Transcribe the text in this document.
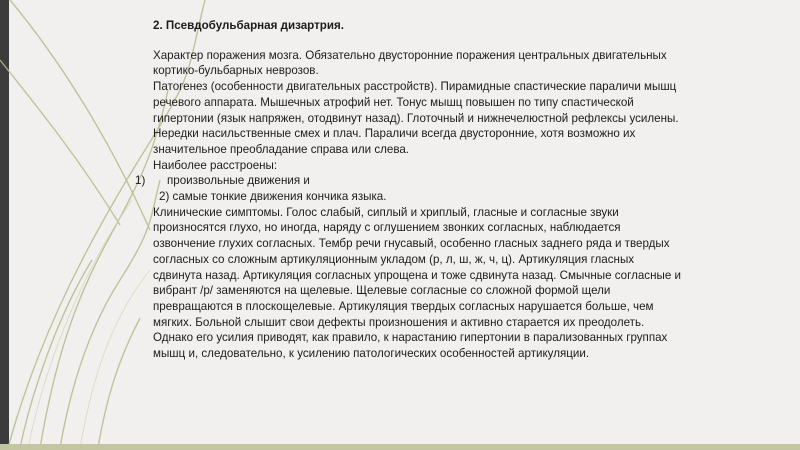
2. Псевдобульбарная дизартрия.

Характер поражения мозга. Обязательно двусторонние поражения центральных двигательных

кортико-бульбарных неврозов.

Патогенез (особенности двигательных расстройств). Пирамидные спастические параличи мышц

речевого аппарата. Мышечных атрофий нет. Тонус мышц повышен по типу спастической

гипертонии (язык напряжен, отодвинут назад). Глоточный и нижнечелюстной рефлексы усилены.

Нередки насильственные смех и плач. Параличи всегда двусторонние, хотя возможно их

значительное преобладание справа или слева.

Наиболее расстроены:

1) произвольные движения и

2) самые тонкие движения кончика языка.

Клинические симптомы. Голос слабый, сиплый и хриплый, гласные и согласные звуки

произносятся глухо, но иногда, наряду с оглушением звонких согласных, наблюдается

озвончение глухих согласных. Тембр речи гнусавый, особенно гласных заднего ряда и твердых

согласных со сложным артикуляционным укладом (р, л, ш, ж, ч, ц). Артикуляция гласных

сдвинута назад. Артикуляция согласных упрощена и тоже сдвинута назад. Смычные согласные и

вибрант /р/ заменяются на щелевые. Щелевые согласные со сложной формой щели

превращаются в плоскощелевые. Артикуляция твердых согласных нарушается больше, чем

мягких. Больной слышит свои дефекты произношения и активно старается их преодолеть.

Однако его усилия приводят, как правило, к нарастанию гипертонии в парализованных группах

мышц и, следовательно, к усилению патологических особенностей артикуляции.
